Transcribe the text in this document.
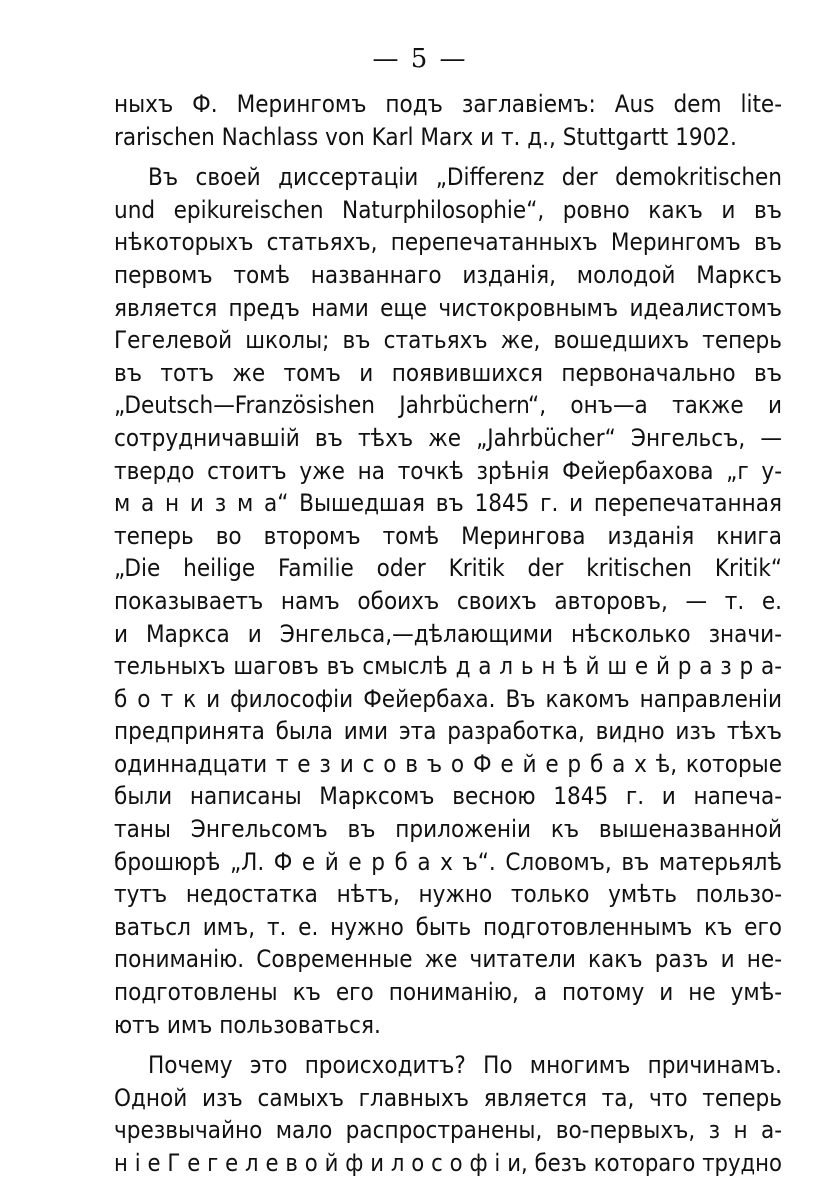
— 5 —
ныхъ Ф. Мерингомъ подъ заглавіемъ: Aus dem lite-
rarischen Nachlass von Karl Marx и т. д., Stuttgartt 1902.
Въ своей диссертаціи „Differenz der demokritischen
und epikureischen Naturphilosophie“, ровно какъ и въ
нѣкоторыхъ статьяхъ, перепечатанныхъ Мерингомъ въ
первомъ томѣ названнаго изданія, молодой Марксъ
является предъ нами еще чистокровнымъ идеалистомъ
Гегелевой школы; въ статьяхъ же, вошедшихъ теперь
въ тотъ же томъ и появившихся первоначально въ
„Deutsch—Französishen Jahrbüchern“, онъ—а также и
сотрудничавшій въ тѣхъ же „Jahrbücher“ Энгельсъ, —
твердо стоитъ уже на точкѣ зрѣнія Фейербахова „г у-
м а н и з м а“ Вышедшая въ 1845 г. и перепечатанная
теперь во второмъ томѣ Мерингова изданія книга
„Die heilige Familie oder Kritik der kritischen Kritik“
показываетъ намъ обоихъ своихъ авторовъ, — т. е.
и Маркса и Энгельса,—дѣлающими нѣсколько значи-
тельныхъ шаговъ въ смыслѣ д а л ь н ѣ й ш е й р а з р а-
б о т к и философіи Фейербаха. Въ какомъ направленіи
предпринята была ими эта разработка, видно изъ тѣхъ
одиннадцати т е з и с о в ъ о Ф е й е р б а х ѣ, которые
были написаны Марксомъ весною 1845 г. и напеча-
таны Энгельсомъ въ приложеніи къ вышеназванной
брошюрѣ „Л. Ф е й е р б а х ъ“. Словомъ, въ матерьялѣ
тутъ недостатка нѣтъ, нужно только умѣть пользо-
ватьсл имъ, т. е. нужно быть подготовленнымъ къ его
пониманію. Современные же читатели какъ разъ и не-
подготовлены къ его пониманію, а потому и не умѣ-
ютъ имъ пользоваться.
Почему это происходитъ? По многимъ причинамъ.
Одной изъ самыхъ главныхъ является та, что теперь
чрезвычайно мало распространены, во-первыхъ, з н а-
н і е Г е г е л е в о й ф и л о с о ф і и, безъ котораго трудно
